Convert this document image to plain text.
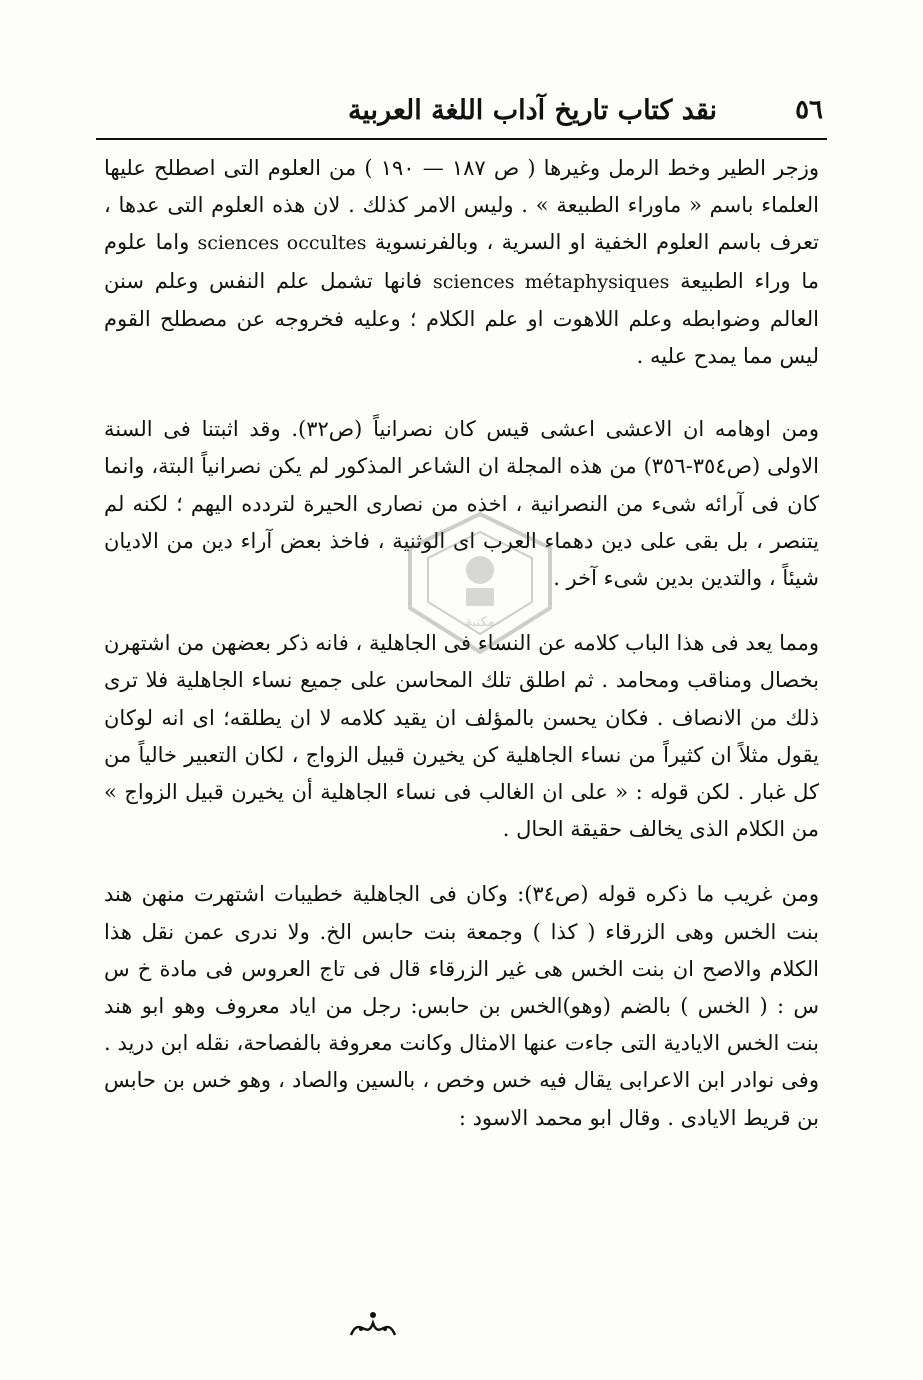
٥٦
نقد كتاب تاريخ آداب اللغة العربية

وزجر الطير وخط الرمل وغيرها ( ص ١٨٧ — ١٩٠ ) من العلوم التى اصطلح عليها العلماء باسم « ماوراء الطبيعة » . وليس الامر كذلك . لان هذه العلوم التى عدها ، تعرف باسم العلوم الخفية او السرية ، وبالفرنسوية sciences occultes واما علوم ما وراء الطبيعة sciences métaphysiques فانها تشمل علم النفس وعلم سنن العالم وضوابطه وعلم اللاهوت او علم الكلام ؛ وعليه فخروجه عن مصطلح القوم ليس مما يمدح عليه .

ومن اوهامه ان الاعشى اعشى قيس كان نصرانياً (ص٣٢). وقد اثبتنا فى السنة الاولى (ص٣٥٤-٣٥٦) من هذه المجلة ان الشاعر المذكور لم يكن نصرانياً البتة، وانما كان فى آرائه شىء من النصرانية ، اخذه من نصارى الحيرة لتردده اليهم ؛ لكنه لم يتنصر ، بل بقى على دين دهماء العرب اى الوثنية ، فاخذ بعض آراء دين من الاديان شيئاً ، والتدين بدين شىء آخر .

ومما يعد فى هذا الباب كلامه عن النساء فى الجاهلية ، فانه ذكر بعضهن من اشتهرن بخصال ومناقب ومحامد . ثم اطلق تلك المحاسن على جميع نساء الجاهلية فلا ترى ذلك من الانصاف . فكان يحسن بالمؤلف ان يقيد كلامه لا ان يطلقه؛ اى انه لوكان يقول مثلاً ان كثيراً من نساء الجاهلية كن يخيرن قبيل الزواج ، لكان التعبير خالياً من كل غبار . لكن قوله : « على ان الغالب فى نساء الجاهلية أن يخيرن قبيل الزواج » من الكلام الذى يخالف حقيقة الحال .

ومن غريب ما ذكره قوله (ص٣٤): وكان فى الجاهلية خطيبات اشتهرت منهن هند بنت الخس وهى الزرقاء ( كذا ) وجمعة بنت حابس الخ. ولا ندرى عمن نقل هذا الكلام والاصح ان بنت الخس هى غير الزرقاء قال فى تاج العروس فى مادة خ س س : ( الخس ) بالضم (وهو)الخس بن حابس: رجل من اياد معروف وهو ابو هند بنت الخس الايادية التى جاءت عنها الامثال وكانت معروفة بالفصاحة، نقله ابن دريد . وفى نوادر ابن الاعرابى يقال فيه خس وخص ، بالسين والصاد ، وهو خس بن حابس بن قريط الايادى . وقال ابو محمد الاسود :

مكتبة
